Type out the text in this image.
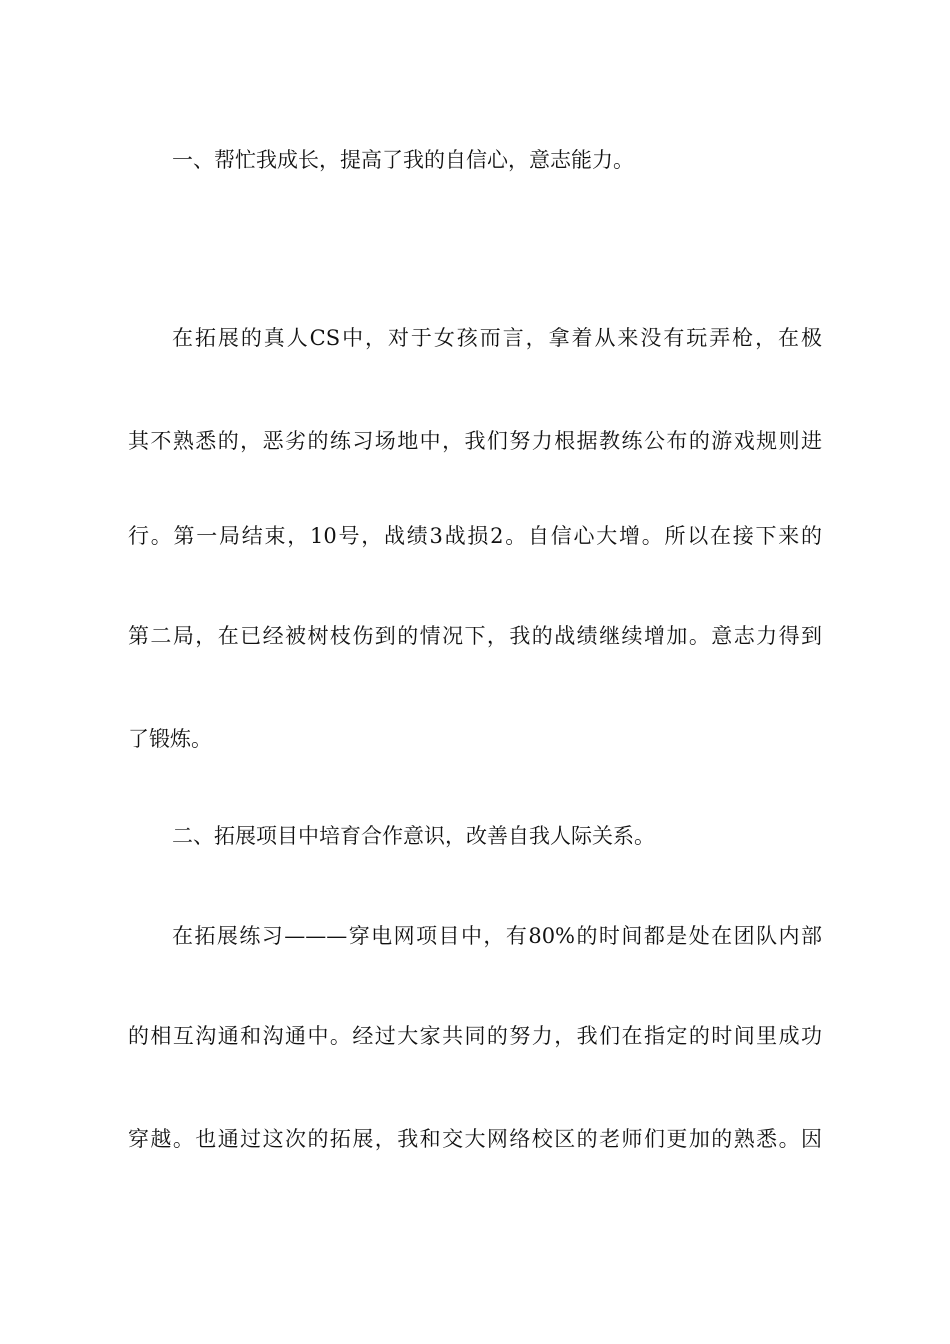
一、帮忙我成长，提高了我的自信心，意志能力。
在拓展的真人CS中，对于女孩而言，拿着从来没有玩弄枪，在极
其不熟悉的，恶劣的练习场地中，我们努力根据教练公布的游戏规则进
行。第一局结束，10号，战绩3战损2。自信心大增。所以在接下来的
第二局，在已经被树枝伤到的情况下，我的战绩继续增加。意志力得到
了锻炼。
二、拓展项目中培育合作意识，改善自我人际关系。
在拓展练习———穿电网项目中，有80%的时间都是处在团队内部
的相互沟通和沟通中。经过大家共同的努力，我们在指定的时间里成功
穿越。也通过这次的拓展，我和交大网络校区的老师们更加的熟悉。因
